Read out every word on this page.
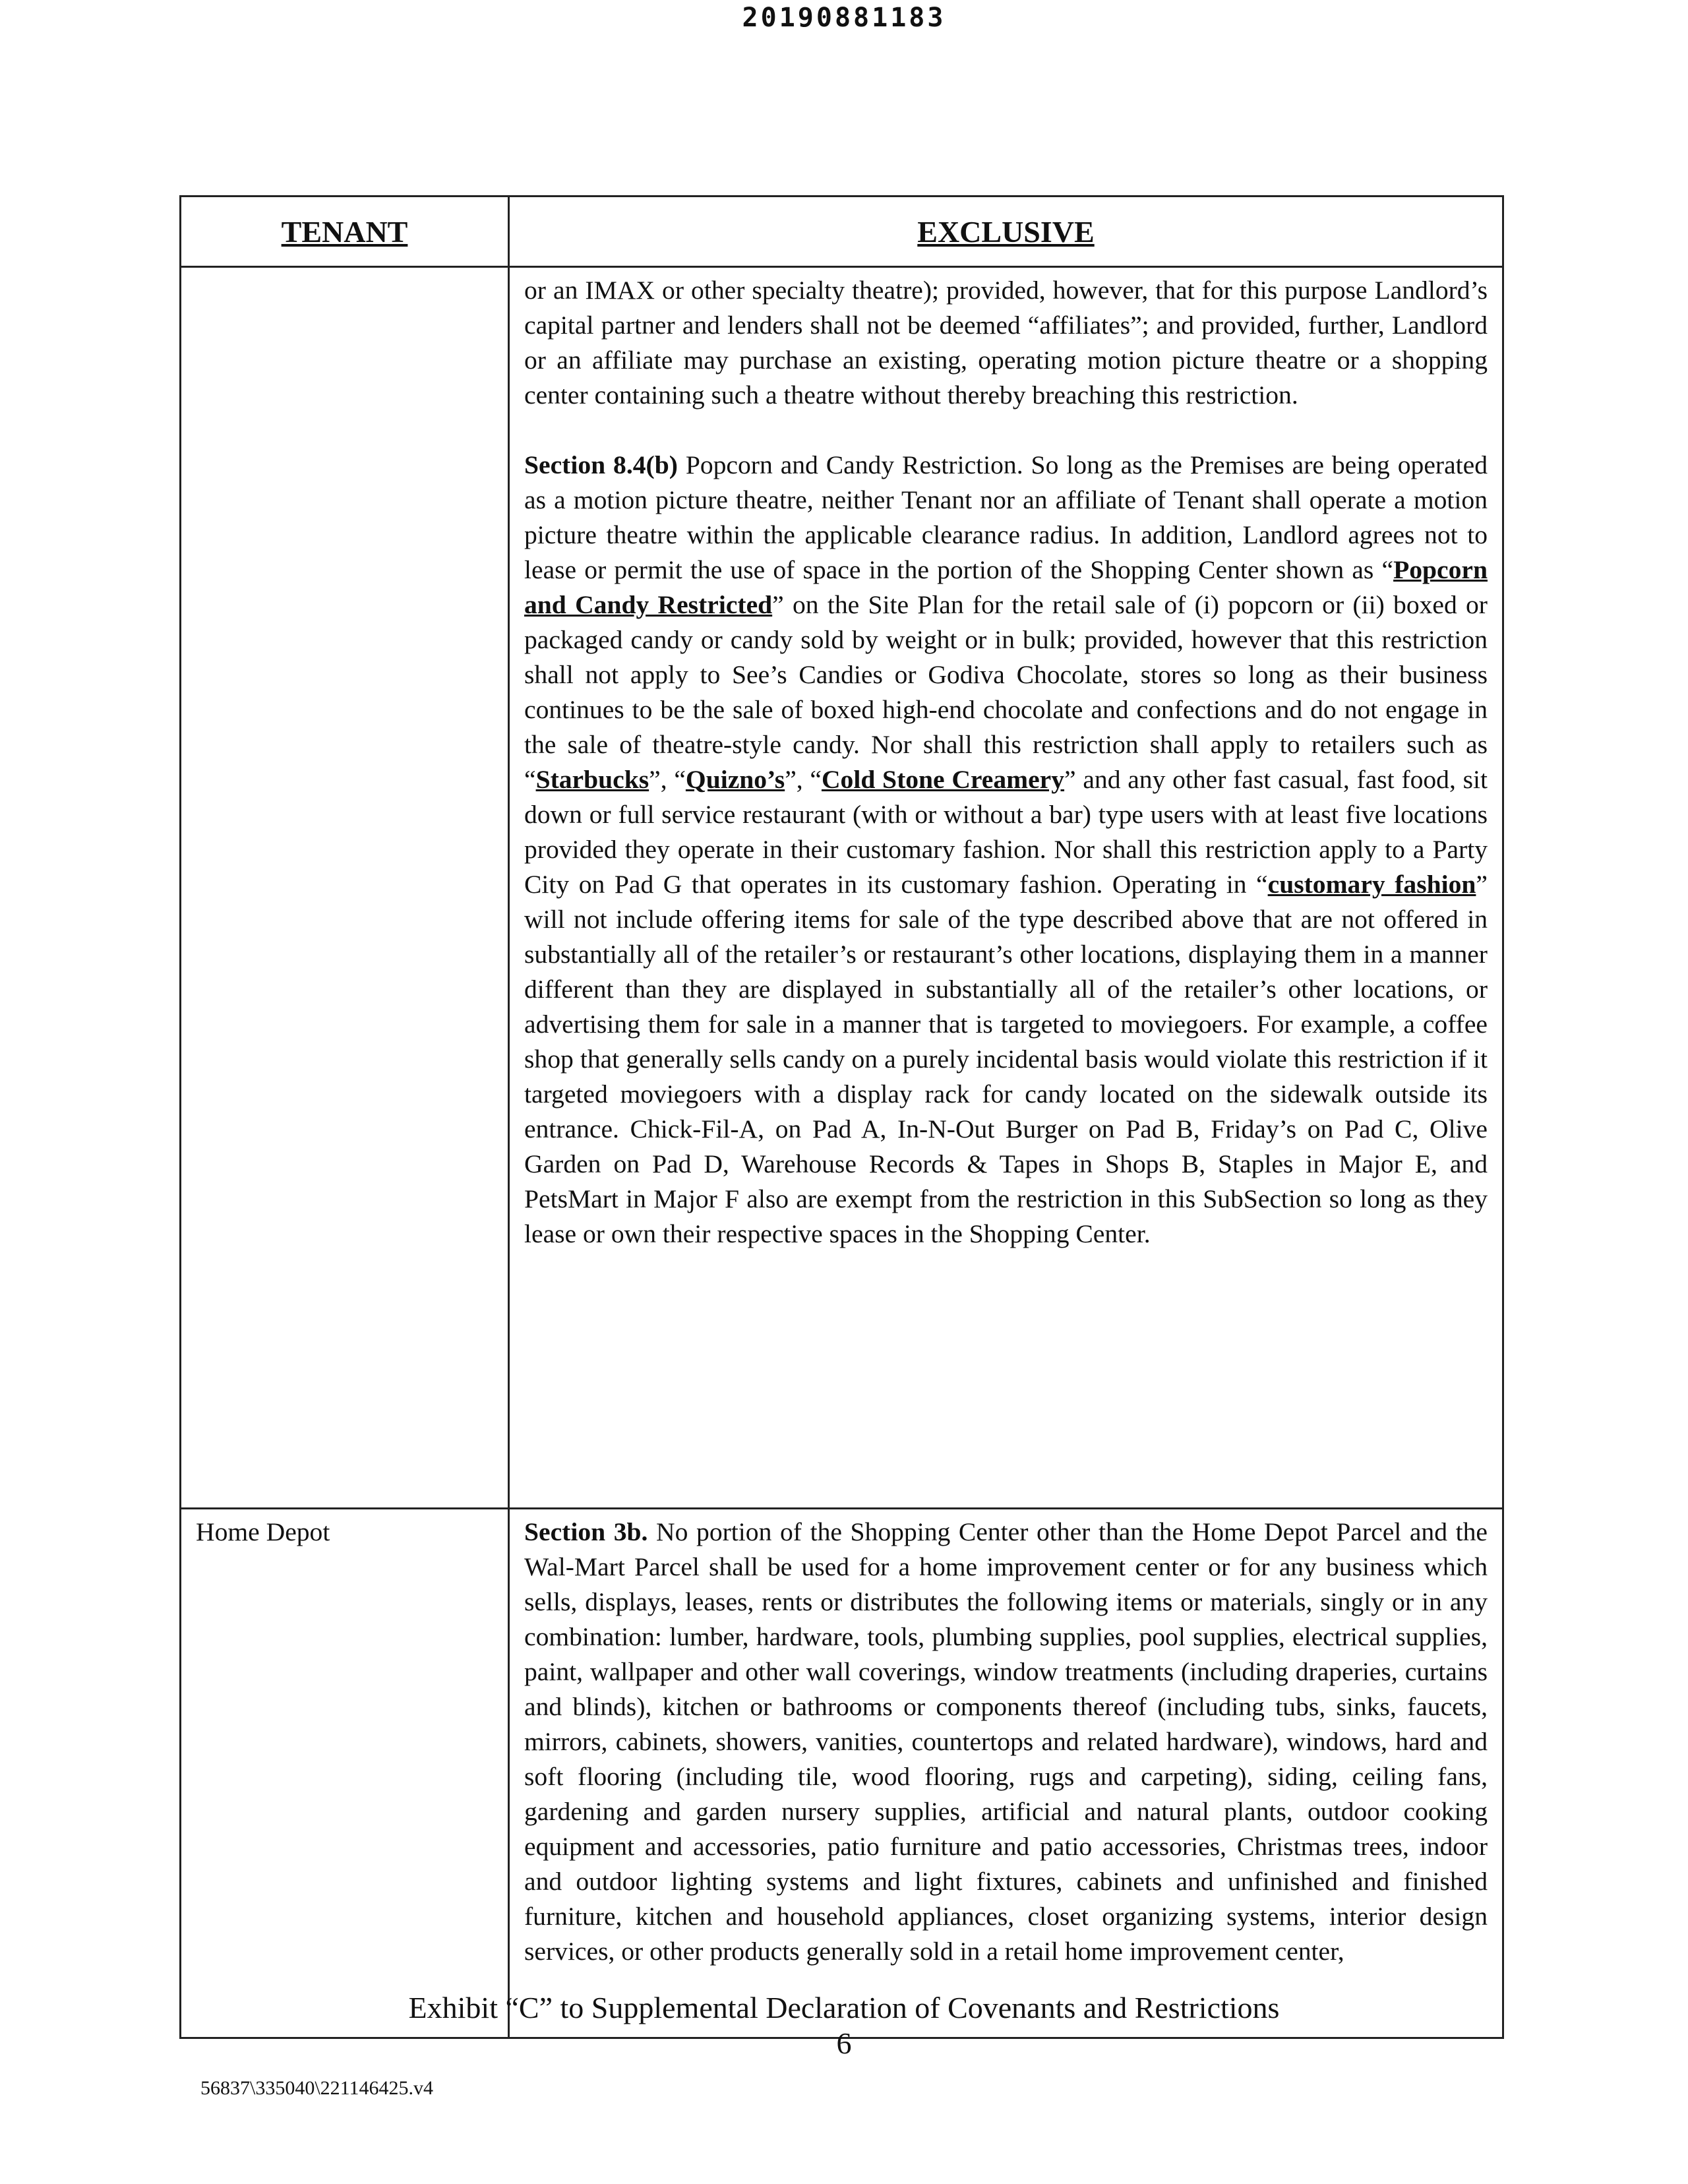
20190881183
TENANT	EXCLUSIVE

	or an IMAX or other specialty theatre); provided, however, that for this purpose Landlord’s capital partner and lenders shall not be deemed “affiliates”; and provided, further, Landlord or an affiliate may purchase an existing, operating motion picture theatre or a shopping center containing such a theatre without thereby breaching this restriction.

Section 8.4(b) Popcorn and Candy Restriction. So long as the Premises are being operated as a motion picture theatre, neither Tenant nor an affiliate of Tenant shall operate a motion picture theatre within the applicable clearance radius. In addition, Landlord agrees not to lease or permit the use of space in the portion of the Shopping Center shown as “Popcorn and Candy Restricted” on the Site Plan for the retail sale of (i) popcorn or (ii) boxed or packaged candy or candy sold by weight or in bulk; provided, however that this restriction shall not apply to See’s Candies or Godiva Chocolate, stores so long as their business continues to be the sale of boxed high-end chocolate and confections and do not engage in the sale of theatre-style candy. Nor shall this restriction shall apply to retailers such as “Starbucks”, “Quizno’s”, “Cold Stone Creamery” and any other fast casual, fast food, sit down or full service restaurant (with or without a bar) type users with at least five locations provided they operate in their customary fashion. Nor shall this restriction apply to a Party City on Pad G that operates in its customary fashion. Operating in “customary fashion” will not include offering items for sale of the type described above that are not offered in substantially all of the retailer’s or restaurant’s other locations, displaying them in a manner different than they are displayed in substantially all of the retailer’s other locations, or advertising them for sale in a manner that is targeted to moviegoers. For example, a coffee shop that generally sells candy on a purely incidental basis would violate this restriction if it targeted moviegoers with a display rack for candy located on the sidewalk outside its entrance. Chick-Fil-A, on Pad A, In-N-Out Burger on Pad B, Friday’s on Pad C, Olive Garden on Pad D, Warehouse Records & Tapes in Shops B, Staples in Major E, and PetsMart in Major F also are exempt from the restriction in this SubSection so long as they lease or own their respective spaces in the Shopping Center.

Home Depot	Section 3b. No portion of the Shopping Center other than the Home Depot Parcel and the Wal-Mart Parcel shall be used for a home improvement center or for any business which sells, displays, leases, rents or distributes the following items or materials, singly or in any combination: lumber, hardware, tools, plumbing supplies, pool supplies, electrical supplies, paint, wallpaper and other wall coverings, window treatments (including draperies, curtains and blinds), kitchen or bathrooms or components thereof (including tubs, sinks, faucets, mirrors, cabinets, showers, vanities, countertops and related hardware), windows, hard and soft flooring (including tile, wood flooring, rugs and carpeting), siding, ceiling fans, gardening and garden nursery supplies, artificial and natural plants, outdoor cooking equipment and accessories, patio furniture and patio accessories, Christmas trees, indoor and outdoor lighting systems and light fixtures, cabinets and unfinished and finished furniture, kitchen and household appliances, closet organizing systems, interior design services, or other products generally sold in a retail home improvement center,

Exhibit “C” to Supplemental Declaration of Covenants and Restrictions
6
56837\335040\221146425.v4
